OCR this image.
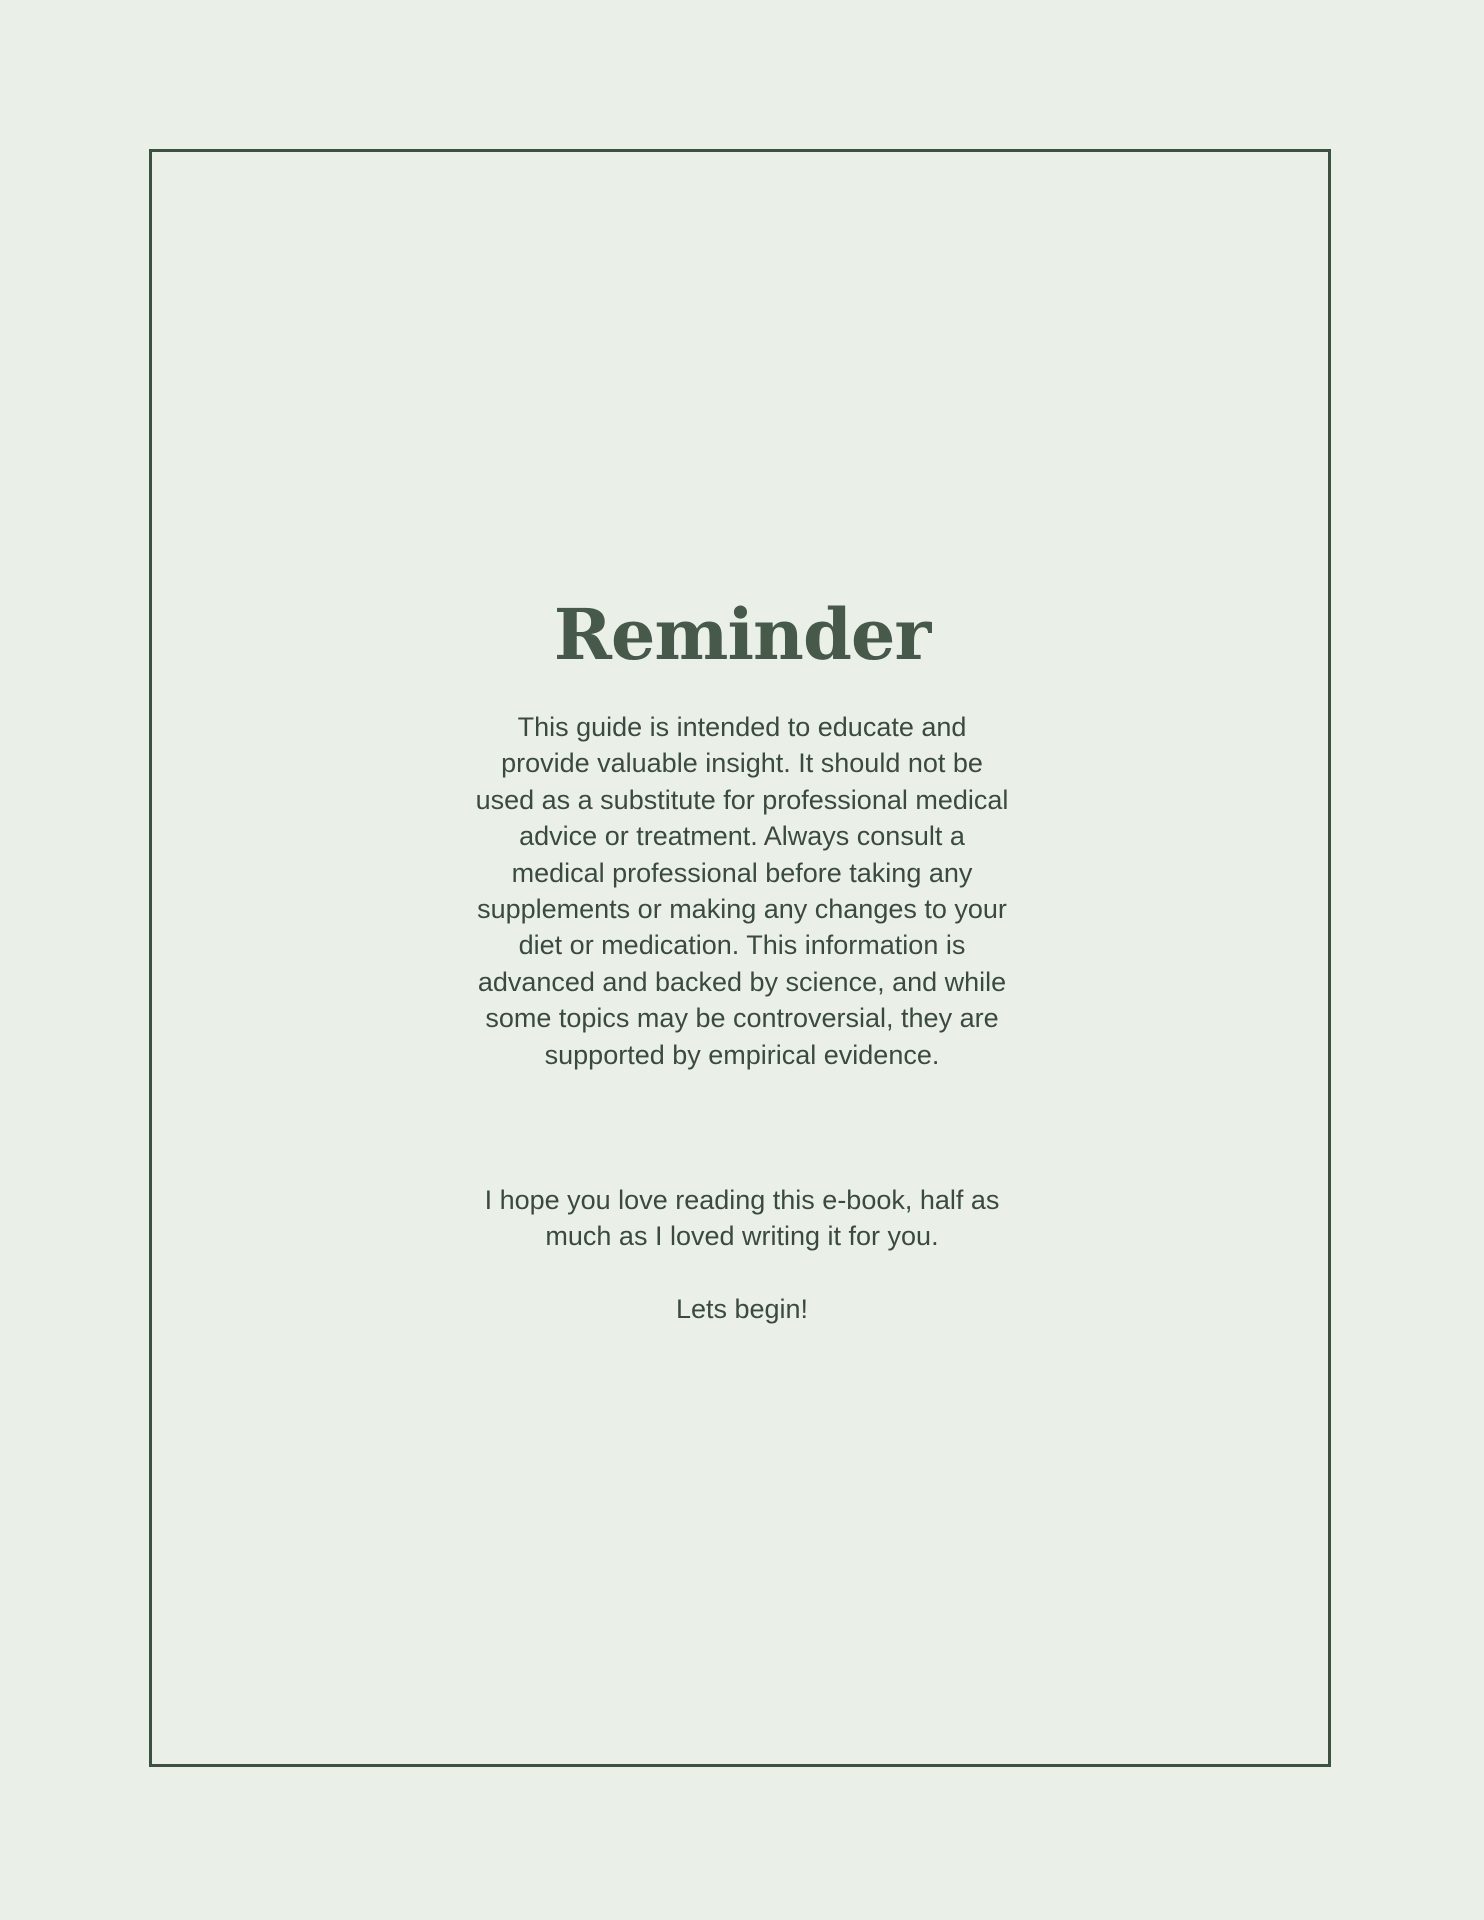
Reminder

This guide is intended to educate and provide valuable insight. It should not be used as a substitute for professional medical advice or treatment. Always consult a medical professional before taking any supplements or making any changes to your diet or medication. This information is advanced and backed by science, and while some topics may be controversial, they are supported by empirical evidence.

I hope you love reading this e-book, half as much as I loved writing it for you.

Lets begin!
